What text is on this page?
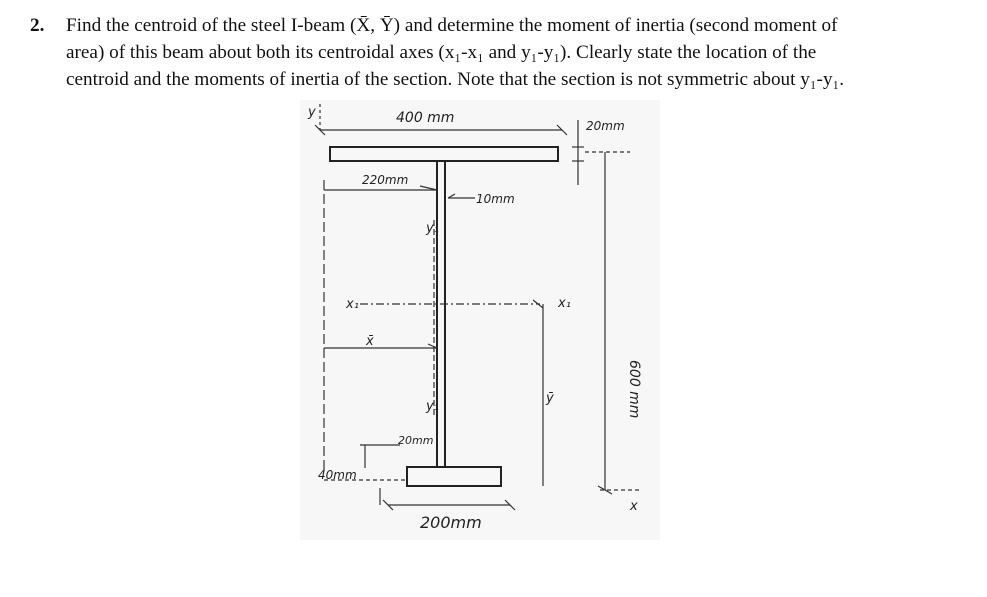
2. Find the centroid of the steel I-beam (X̄, Ȳ) and determine the moment of inertia (second moment of
area) of this beam about both its centroidal axes (x₁-x₁ and y₁-y₁). Clearly state the location of the
centroid and the moments of inertia of the section. Note that the section is not symmetric about y₁-y₁.
y	400 mm	20mm
220mm
10mm
y₁
x₁	x₁
x̄
ȳ
y₁
20mm
40mm
600 mm
x
200mm
